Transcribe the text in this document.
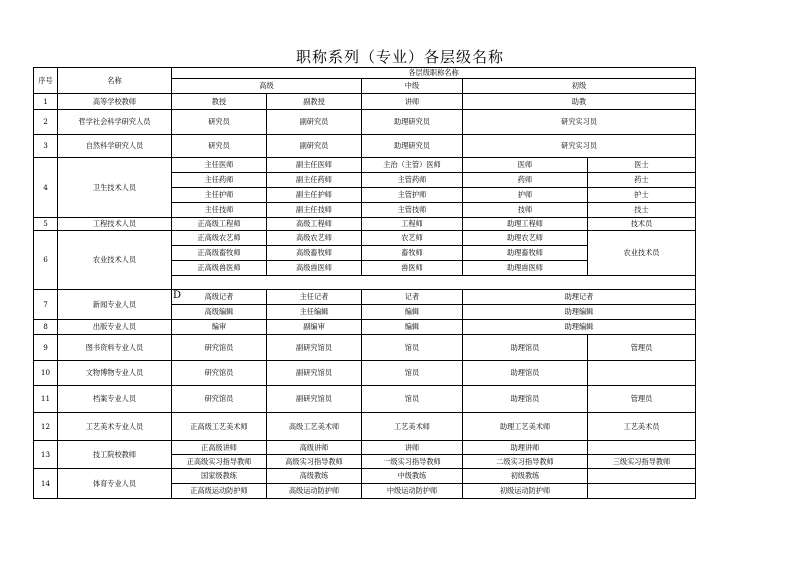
职称系列（专业）各层级名称
序号	名称	各层级职称名称				
		高级		中级	初级	
1	高等学校教师	教授	副教授	讲师	助教	
2	哲学社会科学研究人员	研究员	副研究员	助理研究员	研究实习员	
3	自然科学研究人员	研究员	副研究员	助理研究员	研究实习员	
4	卫生技术人员	主任医师	副主任医师	主治（主管）医师	医师	医士
		主任药师	副主任药师	主管药师	药师	药士
		主任护师	副主任护师	主管护师	护师	护士
		主任技师	副主任技师	主管技师	技师	技士
5	工程技术人员	正高级工程师	高级工程师	工程师	助理工程师	技术员
6	农业技术人员	正高级农艺师	高级农艺师	农艺师	助理农艺师	农业技术员
		正高级畜牧师	高级畜牧师	畜牧师	助理畜牧师	
		正高级兽医师	高级兽医师	兽医师	助理兽医师	

7	新闻专业人员	高级记者	主任记者	记者	助理记者	
		高级编辑	主任编辑	编辑	助理编辑	
8	出版专业人员	编审	副编审	编辑	助理编辑	
9	图书资料专业人员	研究馆员	副研究馆员	馆员	助理馆员	管理员
10	文物博物专业人员	研究馆员	副研究馆员	馆员	助理馆员	
11	档案专业人员	研究馆员	副研究馆员	馆员	助理馆员	管理员
12	工艺美术专业人员	正高级工艺美术师	高级工艺美术师	工艺美术师	助理工艺美术师	工艺美术员
13	技工院校教师	正高级讲师	高级讲师	讲师	助理讲师	
		正高级实习指导教师	高级实习指导教师	一级实习指导教师	二级实习指导教师	三级实习指导教师
14	体育专业人员	国家级教练	高级教练	中级教练	初级教练	
		正高级运动防护师	高级运动防护师	中级运动防护师	初级运动防护师	
D
